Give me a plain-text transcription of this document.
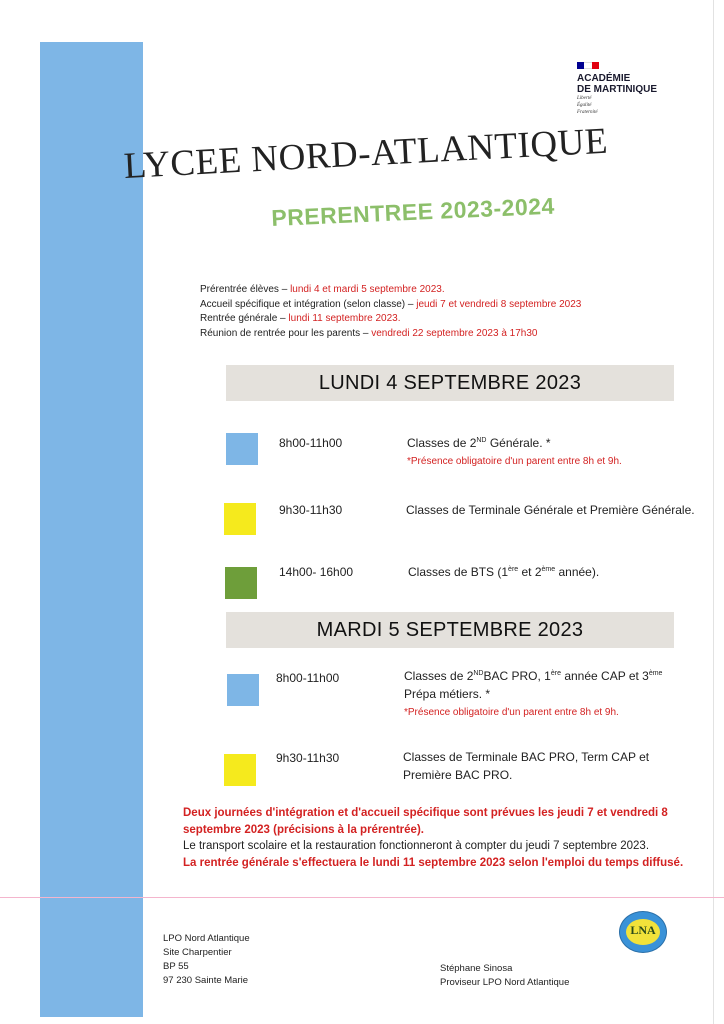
ACADÉMIE
DE MARTINIQUE
Liberté
Égalité
Fraternité
LYCEE NORD-ATLANTIQUE
PRERENTREE 2023-2024
Prérentrée élèves – lundi 4 et mardi 5 septembre 2023.
Accueil spécifique et intégration (selon classe) – jeudi 7 et vendredi 8 septembre 2023
Rentrée générale – lundi 11 septembre 2023.
Réunion de rentrée pour les parents – vendredi 22 septembre 2023 à 17h30
LUNDI 4 SEPTEMBRE 2023
8h00-11h00	Classes de 2ND Générale. *
*Présence obligatoire d'un parent entre 8h et 9h.
9h30-11h30	Classes de Terminale Générale et Première Générale.
14h00- 16h00	Classes de BTS (1ère et 2ème année).
MARDI 5 SEPTEMBRE 2023
8h00-11h00	Classes de 2NDBAC PRO, 1ère année CAP et 3ème Prépa métiers. *
*Présence obligatoire d'un parent entre 8h et 9h.
9h30-11h30	Classes de Terminale BAC PRO, Term CAP et Première BAC PRO.
Deux journées d'intégration et d'accueil spécifique sont prévues les jeudi 7 et vendredi 8 septembre 2023 (précisions à la prérentrée).
Le transport scolaire et la restauration fonctionneront à compter du jeudi 7 septembre 2023.
La rentrée générale s'effectuera le lundi 11 septembre 2023 selon l'emploi du temps diffusé.
LPO Nord Atlantique
Site Charpentier
BP 55
97 230 Sainte Marie
Stéphane Sinosa
Proviseur LPO Nord Atlantique
LNA
